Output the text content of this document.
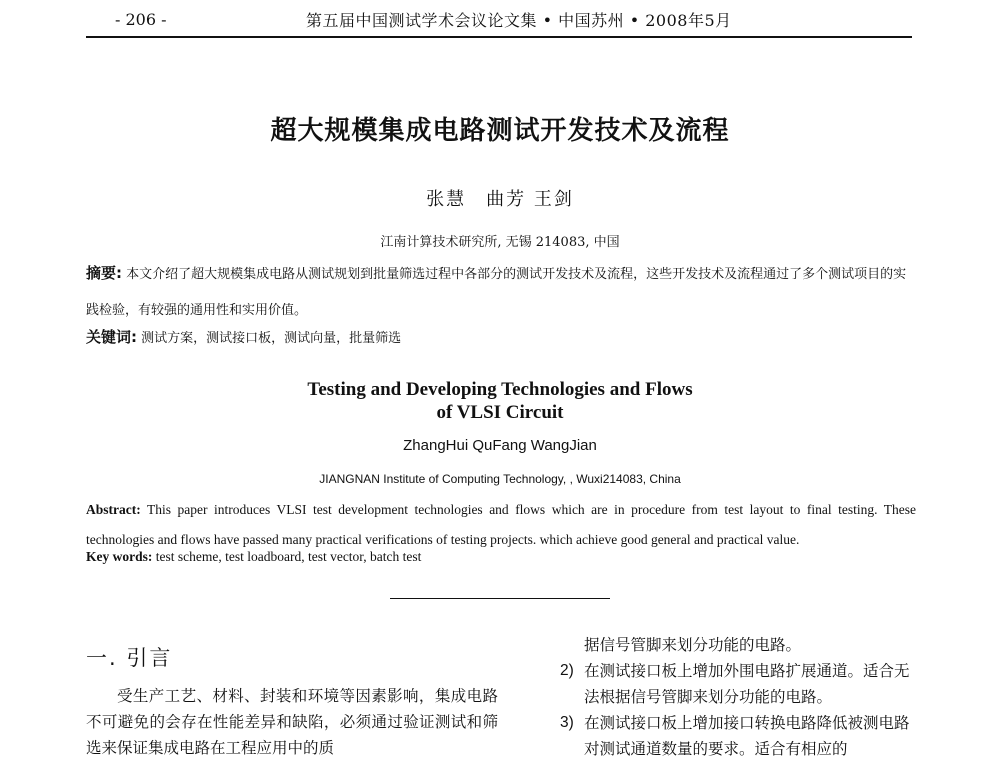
- 206 -	第五届中国测试学术会议论文集 • 中国苏州 • 2008年5月
超大规模集成电路测试开发技术及流程
张慧　曲芳 王剑
江南计算技术研究所, 无锡 214083, 中国
摘要: 本文介绍了超大规模集成电路从测试规划到批量筛选过程中各部分的测试开发技术及流程，这些开发技术及流程通过了多个测试项目的实践检验，有较强的通用性和实用价值。
关键词: 测试方案，测试接口板，测试向量，批量筛选
Testing and Developing Technologies and Flows
of VLSI Circuit
ZhangHui QuFang WangJian
JIANGNAN Institute of Computing Technology, , Wuxi214083, China
Abstract: This paper introduces VLSI test development technologies and flows which are in procedure from test layout to final testing. These technologies and flows have passed many practical verifications of testing projects. which achieve good general and practical value.
Key words: test scheme, test loadboard, test vector, batch test
一. 引言

受生产工艺、材料、封装和环境等因素影响，集成电路不可避免的会存在性能差异和缺陷，必须通过验证测试和筛选来保证集成电路在工程应用中的质

据信号管脚来划分功能的电路。
2) 在测试接口板上增加外围电路扩展通道。适合无法根据信号管脚来划分功能的电路。
3) 在测试接口板上增加接口转换电路降低被测电路对测试通道数量的要求。适合有相应的
